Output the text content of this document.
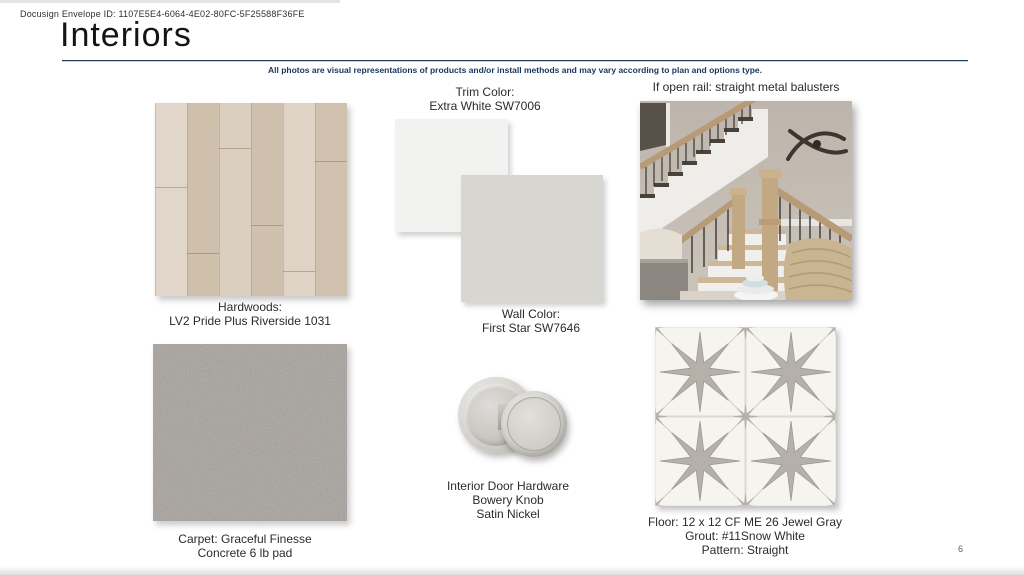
Docusign Envelope ID: 1107E5E4-6064-4E02-80FC-5F25588F36FE
Interiors
All photos are visual representations of products and/or install methods and may vary according to plan and options type.
Hardwoods:
LV2 Pride Plus Riverside 1031
Trim Color:
Extra White SW7006
Wall Color:
First Star SW7646
If open rail: straight metal balusters
Carpet: Graceful Finesse
Concrete 6 lb pad
Interior Door Hardware
Bowery Knob
Satin Nickel
Floor: 12 x 12 CF ME 26 Jewel Gray
Grout: #11Snow White
Pattern: Straight	6
